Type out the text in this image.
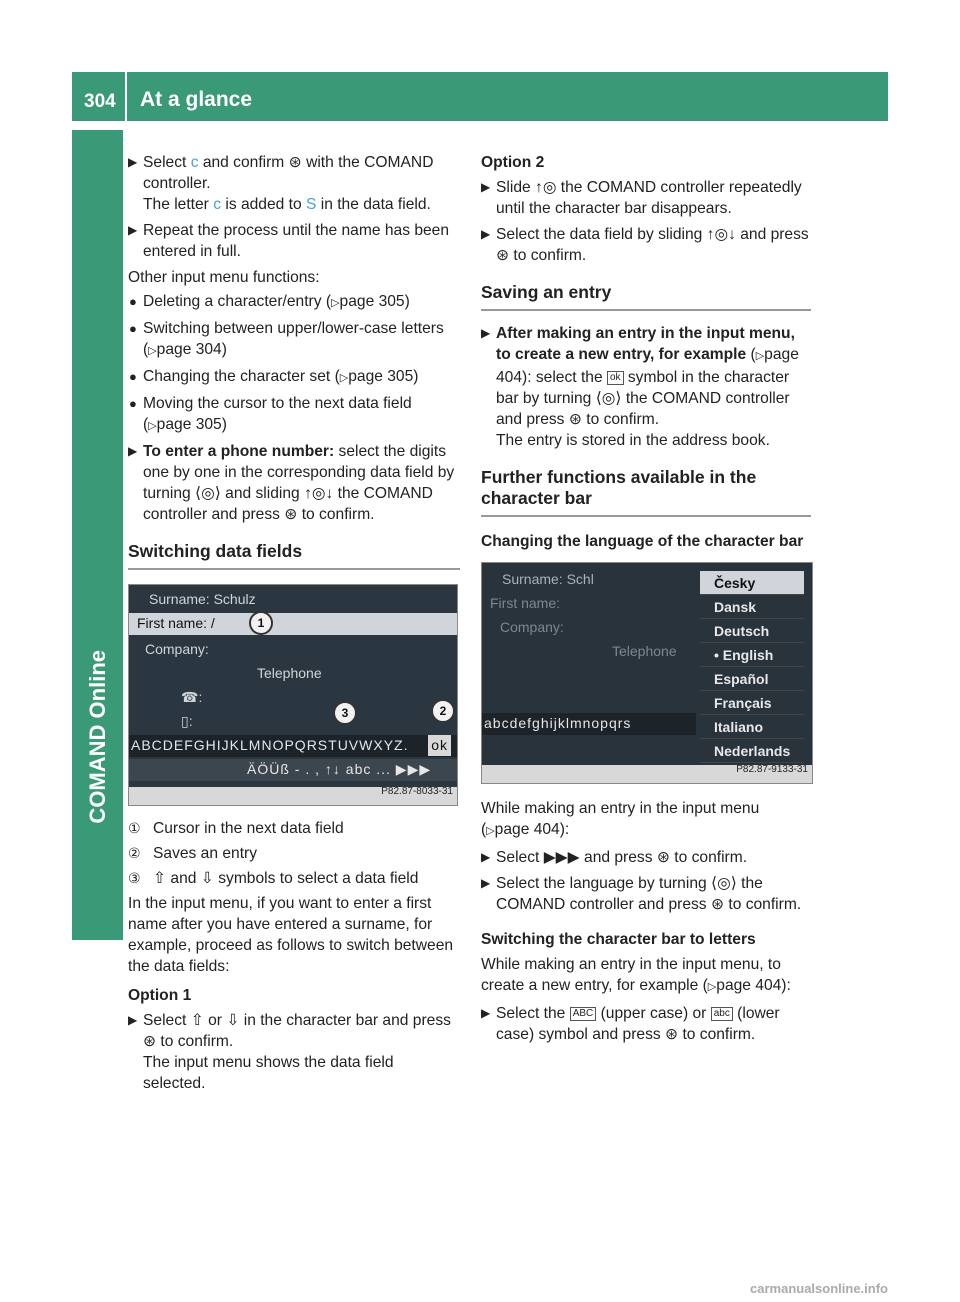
304 At a glance
COMAND Online
▶ Select c and confirm ⊛ with the COMAND controller.
The letter c is added to S in the data field.
▶ Repeat the process until the name has been entered in full.
Other input menu functions:
● Deleting a character/entry (▷page 305)
● Switching between upper/lower-case letters (▷page 304)
● Changing the character set (▷page 305)
● Moving the cursor to the next data field (▷page 305)
▶ To enter a phone number: select the digits one by one in the corresponding data field by turning ⟨◎⟩ and sliding ↑◎↓ the COMAND controller and press ⊛ to confirm.
Switching data fields
Surname: Schulz
First name: /
Company:
Telephone
☎:
▯:
ABCDEFGHIJKLMNOPQRSTUVWXYZ. ok
ÄÖÜß - . , ↑↓ abc ... ▶▶▶
P82.87-8033-31
1
2
3
① Cursor in the next data field
② Saves an entry
③ ⇧ and ⇩ symbols to select a data field
In the input menu, if you want to enter a first name after you have entered a surname, for example, proceed as follows to switch between the data fields:
Option 1
▶ Select ⇧ or ⇩ in the character bar and press ⊛ to confirm.
The input menu shows the data field selected.
Option 2
▶ Slide ↑◎ the COMAND controller repeatedly until the character bar disappears.
▶ Select the data field by sliding ↑◎↓ and press ⊛ to confirm.
Saving an entry
▶ After making an entry in the input menu, to create a new entry, for example (▷page 404): select the ok symbol in the character bar by turning ⟨◎⟩ the COMAND controller and press ⊛ to confirm.
The entry is stored in the address book.
Further functions available in the character bar
Changing the language of the character bar
Surname: Schl
First name:
Company:
Telephone
abcdefghijklmnopqrs
Česky
Dansk
Deutsch
• English
Español
Français
Italiano
Nederlands
P82.87-9133-31
While making an entry in the input menu (▷page 404):
▶ Select ▶▶▶ and press ⊛ to confirm.
▶ Select the language by turning ⟨◎⟩ the COMAND controller and press ⊛ to confirm.
Switching the character bar to letters
While making an entry in the input menu, to create a new entry, for example (▷page 404):
▶ Select the ABC (upper case) or abc (lower case) symbol and press ⊛ to confirm.
carmanualsonline.info
